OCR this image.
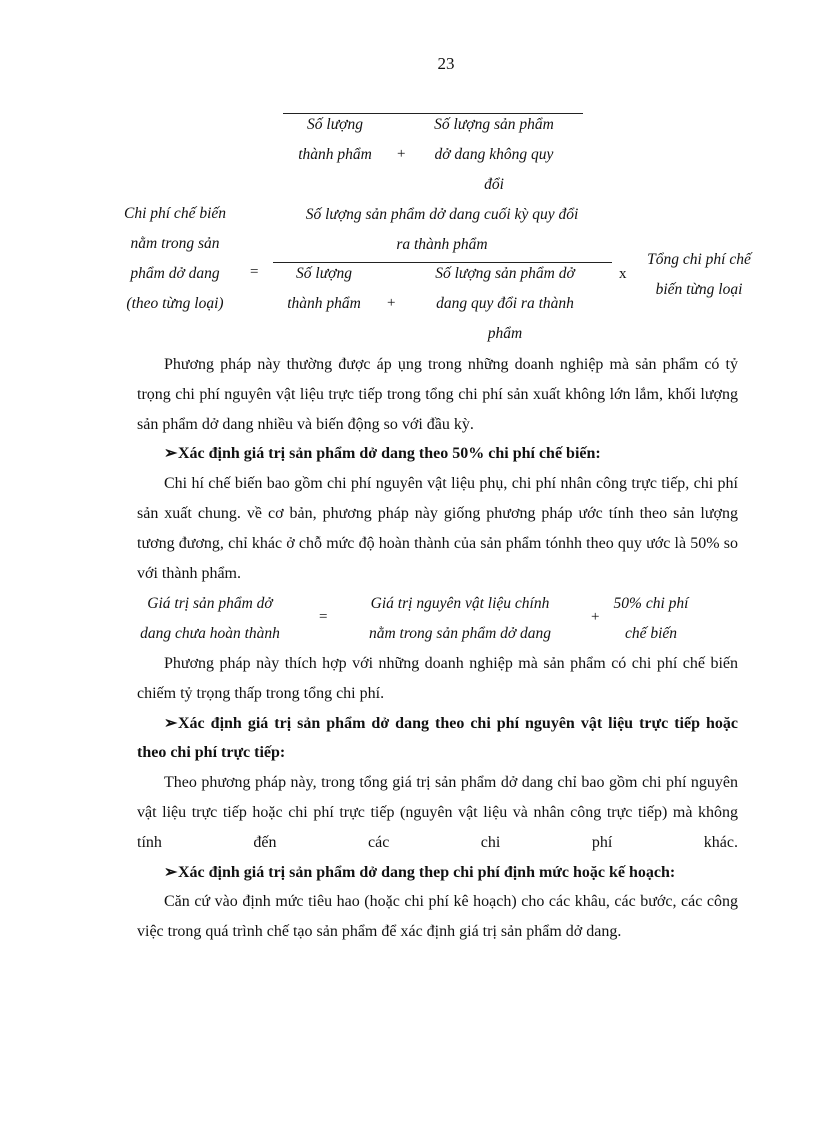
23
Số lượng
thành phẩm	+
Số lượng sản phẩm
dở dang không quy
đổi
Số lượng sản phẩm dở dang cuối kỳ quy đổi
ra thành phẩm
Số lượng
thành phẩm	+
Số lượng sản phẩm dở
dang quy đổi ra thành
phẩm
Chi phí chế biến
nằm trong sản
phẩm dở dang
(theo từng loại)
=	x
Tổng chi phí chế
biến từng loại

Phương pháp này thường được áp ụng trong những doanh nghiệp mà sản phẩm có tỷ trọng chi phí nguyên vật liệu trực tiếp trong tổng chi phí sản xuất không lớn lắm, khối lượng sản phẩm dở dang nhiều và biến động so với đầu kỳ.

➢Xác định giá trị sản phẩm dở dang theo 50% chi phí chế biến:

Chi hí chế biến bao gồm chi phí nguyên vật liệu phụ, chi phí nhân công trực tiếp, chi phí sản xuất chung. về cơ bản, phương pháp này giống phương pháp ước tính theo sản lượng tương đương, chỉ khác ở chỗ mức độ hoàn thành của sản phẩm tónhh theo quy ước là 50% so với thành phẩm.

Giá trị sản phẩm dở
dang chưa hoàn thành
=
Giá trị nguyên vật liệu chính
nằm trong sản phẩm dở dang
+
50% chi phí
chế biến

Phương pháp này thích hợp với những doanh nghiệp mà sản phẩm có chi phí chế biến chiếm tỷ trọng thấp trong tổng chi phí.

➢Xác định giá trị sản phẩm dở dang theo chi phí nguyên vật liệu trực tiếp hoặc theo chi phí trực tiếp:

Theo phương pháp này, trong tổng giá trị sản phẩm dở dang chỉ bao gồm chi phí nguyên vật liệu trực tiếp hoặc chi phí trực tiếp (nguyên vật liệu và nhân công trực tiếp) mà không tính đến các chi phí khác.

➢Xác định giá trị sản phẩm dở dang thep chi phí định mức hoặc kế hoạch:

Căn cứ vào định mức tiêu hao (hoặc chi phí kê hoạch) cho các khâu, các bước, các công việc trong quá trình chế tạo sản phẩm để xác định giá trị sản phẩm dở dang.
